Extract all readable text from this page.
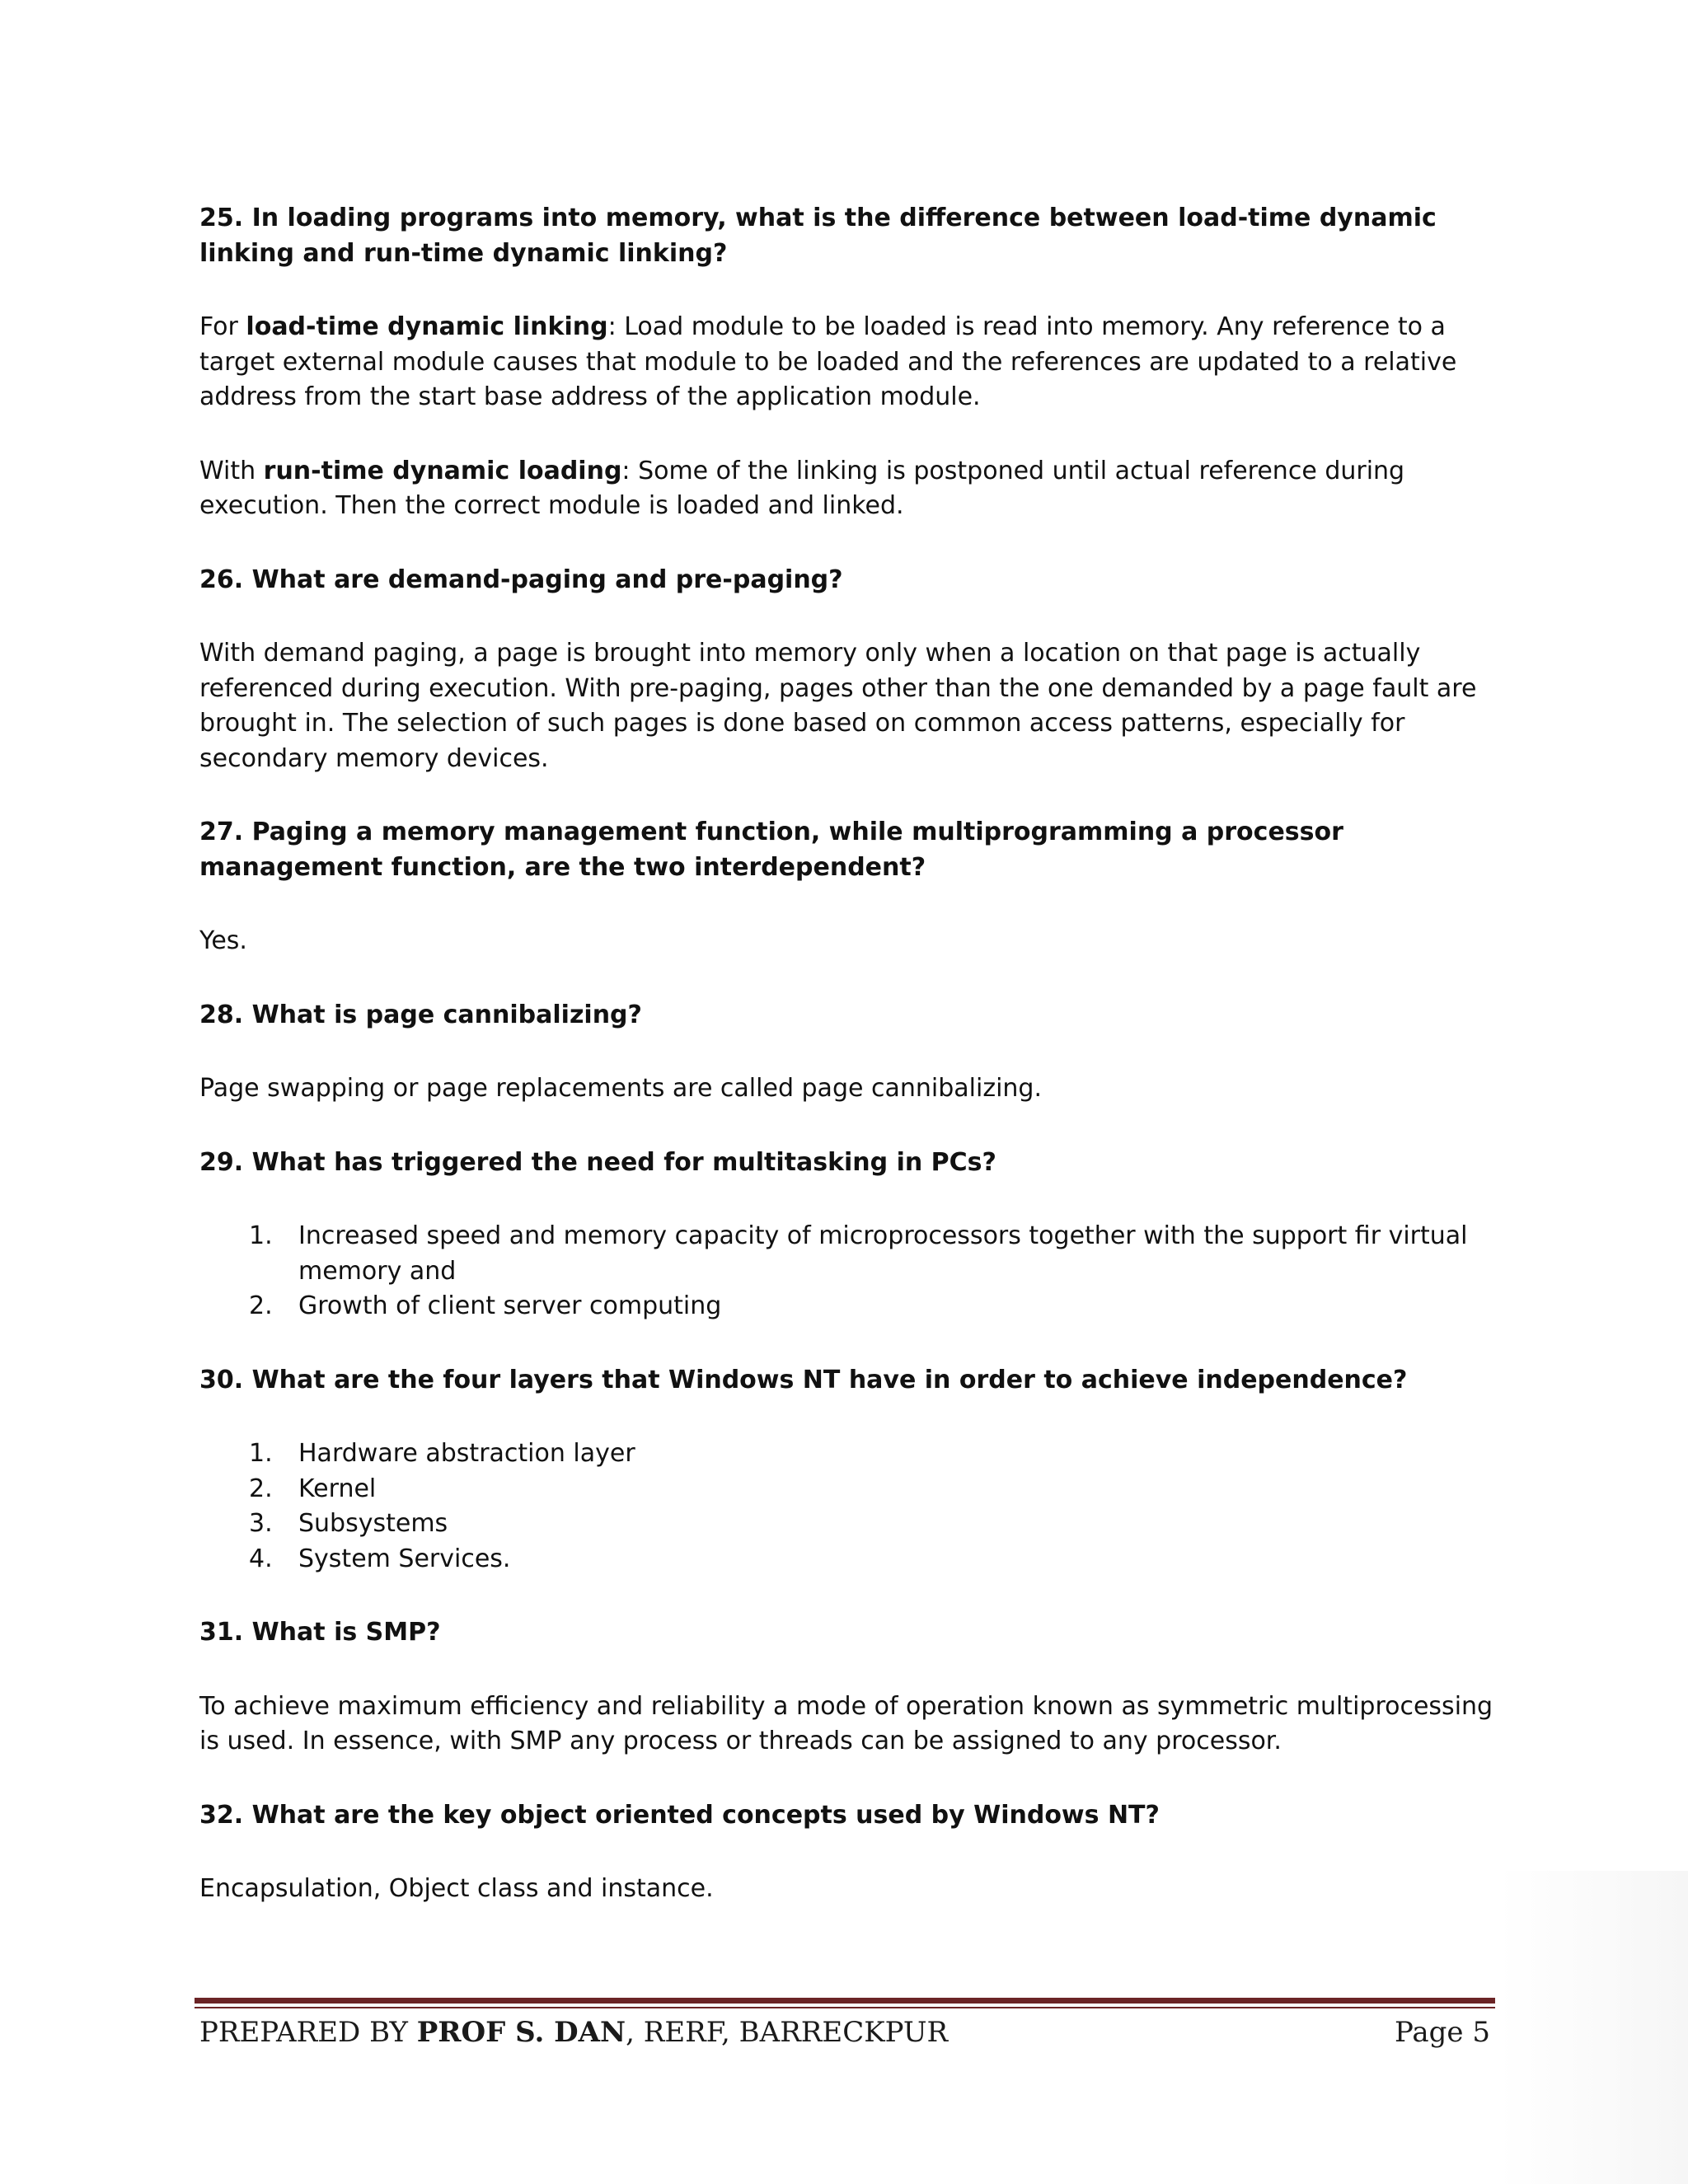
25. In loading programs into memory, what is the difference between load-time dynamic linking and run-time dynamic linking?

For load-time dynamic linking: Load module to be loaded is read into memory. Any reference to a target external module causes that module to be loaded and the references are updated to a relative address from the start base address of the application module.

With run-time dynamic loading: Some of the linking is postponed until actual reference during execution. Then the correct module is loaded and linked.

26. What are demand-paging and pre-paging?

With demand paging, a page is brought into memory only when a location on that page is actually referenced during execution. With pre-paging, pages other than the one demanded by a page fault are brought in. The selection of such pages is done based on common access patterns, especially for secondary memory devices.

27. Paging a memory management function, while multiprogramming a processor management function, are the two interdependent?

Yes.

28. What is page cannibalizing?

Page swapping or page replacements are called page cannibalizing.

29. What has triggered the need for multitasking in PCs?
1.	Increased speed and memory capacity of microprocessors together with the support fir virtual memory and
2.	Growth of client server computing
30. What are the four layers that Windows NT have in order to achieve independence?
1.	Hardware abstraction layer
2.	Kernel
3.	Subsystems
4.	System Services.
31. What is SMP?

To achieve maximum efficiency and reliability a mode of operation known as symmetric multiprocessing is used. In essence, with SMP any process or threads can be assigned to any processor.

32. What are the key object oriented concepts used by Windows NT?

Encapsulation, Object class and instance.

PREPARED BY PROF S. DAN, RERF, BARRECKPUR	Page 5
